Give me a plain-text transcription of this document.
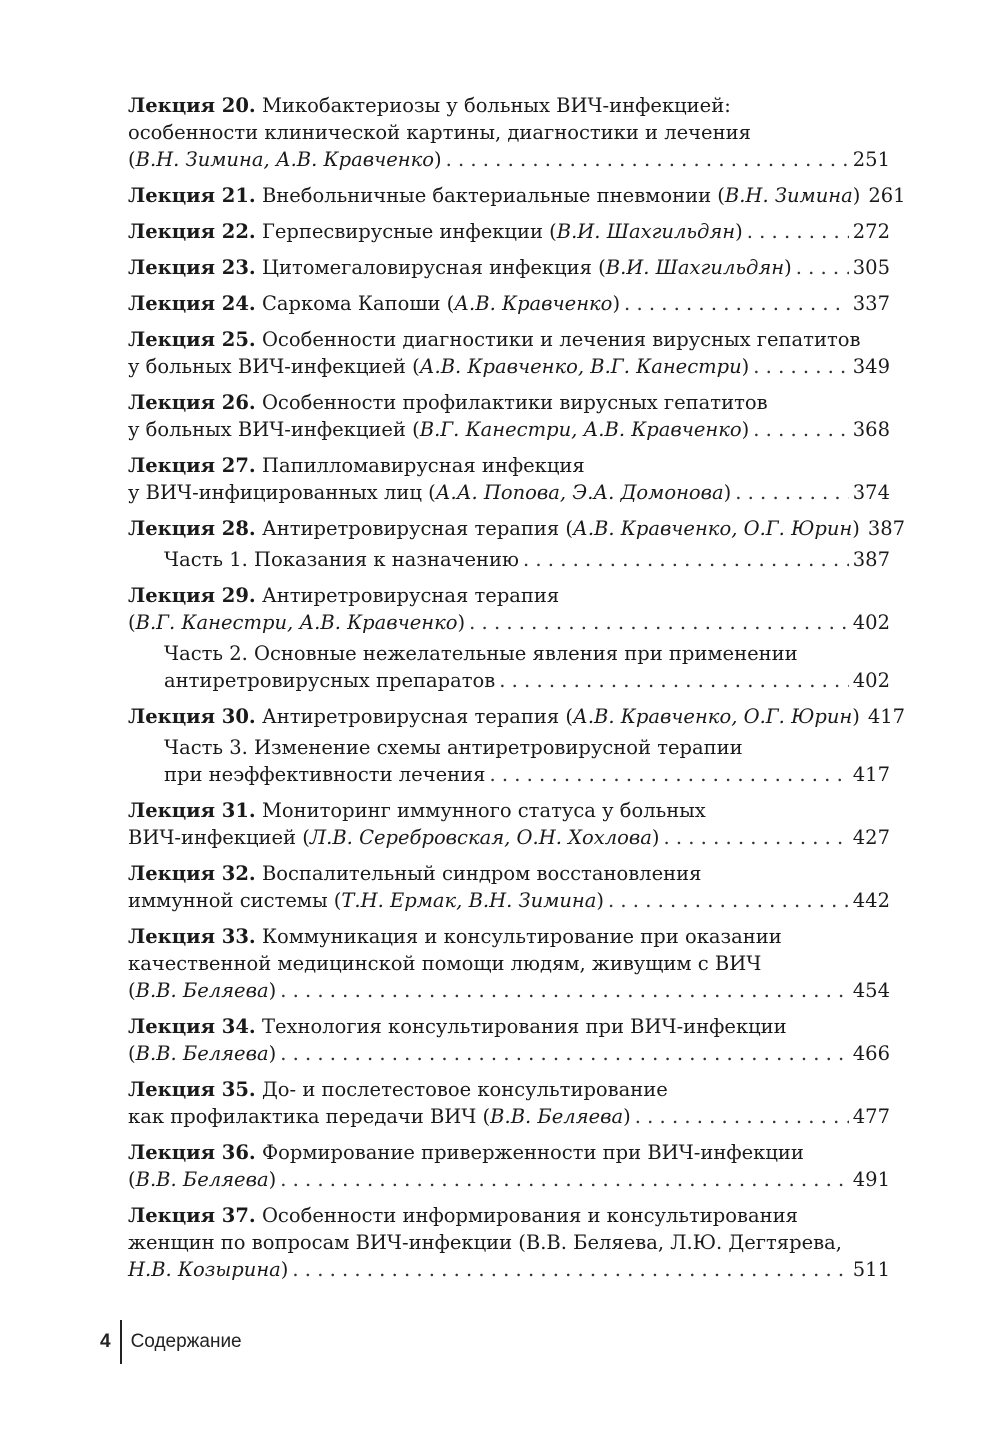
Лекция 20. Микобактериозы у больных ВИЧ-инфекцией:
особенности клинической картины, диагностики и лечения
(В.Н. Зимина, А.В. Кравченко) . . .	251
Лекция 21. Внебольничные бактериальные пневмонии (В.Н. Зимина) 261
Лекция 22. Герпесвирусные инфекции (В.И. Шахгильдян) . . .	272
Лекция 23. Цитомегаловирусная инфекция (В.И. Шахгильдян) . . .	305
Лекция 24. Саркома Капоши (А.В. Кравченко) . . .	337
Лекция 25. Особенности диагностики и лечения вирусных гепатитов
у больных ВИЧ-инфекцией (А.В. Кравченко, В.Г. Канестри) . . .	349
Лекция 26. Особенности профилактики вирусных гепатитов
у больных ВИЧ-инфекцией (В.Г. Канестри, А.В. Кравченко) . . .	368
Лекция 27. Папилломавирусная инфекция
у ВИЧ-инфицированных лиц (А.А. Попова, Э.А. Домонова) . . .	374
Лекция 28. Антиретровирусная терапия (А.В. Кравченко, О.Г. Юрин) 387
Часть 1. Показания к назначению . . .	387
Лекция 29. Антиретровирусная терапия
(В.Г. Канестри, А.В. Кравченко) . . .	402
Часть 2. Основные нежелательные явления при применении
антиретровирусных препаратов . . .	402
Лекция 30. Антиретровирусная терапия (А.В. Кравченко, О.Г. Юрин) 417
Часть 3. Изменение схемы антиретровирусной терапии
при неэффективности лечения . . .	417
Лекция 31. Мониторинг иммунного статуса у больных
ВИЧ-инфекцией (Л.В. Серебровская, О.Н. Хохлова) . . .	427
Лекция 32. Воспалительный синдром восстановления
иммунной системы (Т.Н. Ермак, В.Н. Зимина) . . .	442
Лекция 33. Коммуникация и консультирование при оказании
качественной медицинской помощи людям, живущим с ВИЧ
(В.В. Беляева) . . .	454
Лекция 34. Технология консультирования при ВИЧ-инфекции
(В.В. Беляева) . . .	466
Лекция 35. До- и послетестовое консультирование
как профилактика передачи ВИЧ (В.В. Беляева) . . .	477
Лекция 36. Формирование приверженности при ВИЧ-инфекции
(В.В. Беляева) . . .	491
Лекция 37. Особенности информирования и консультирования
женщин по вопросам ВИЧ-инфекции (В.В. Беляева, Л.Ю. Дегтярева,
Н.В. Козырина) . . .	511
4	Содержание
